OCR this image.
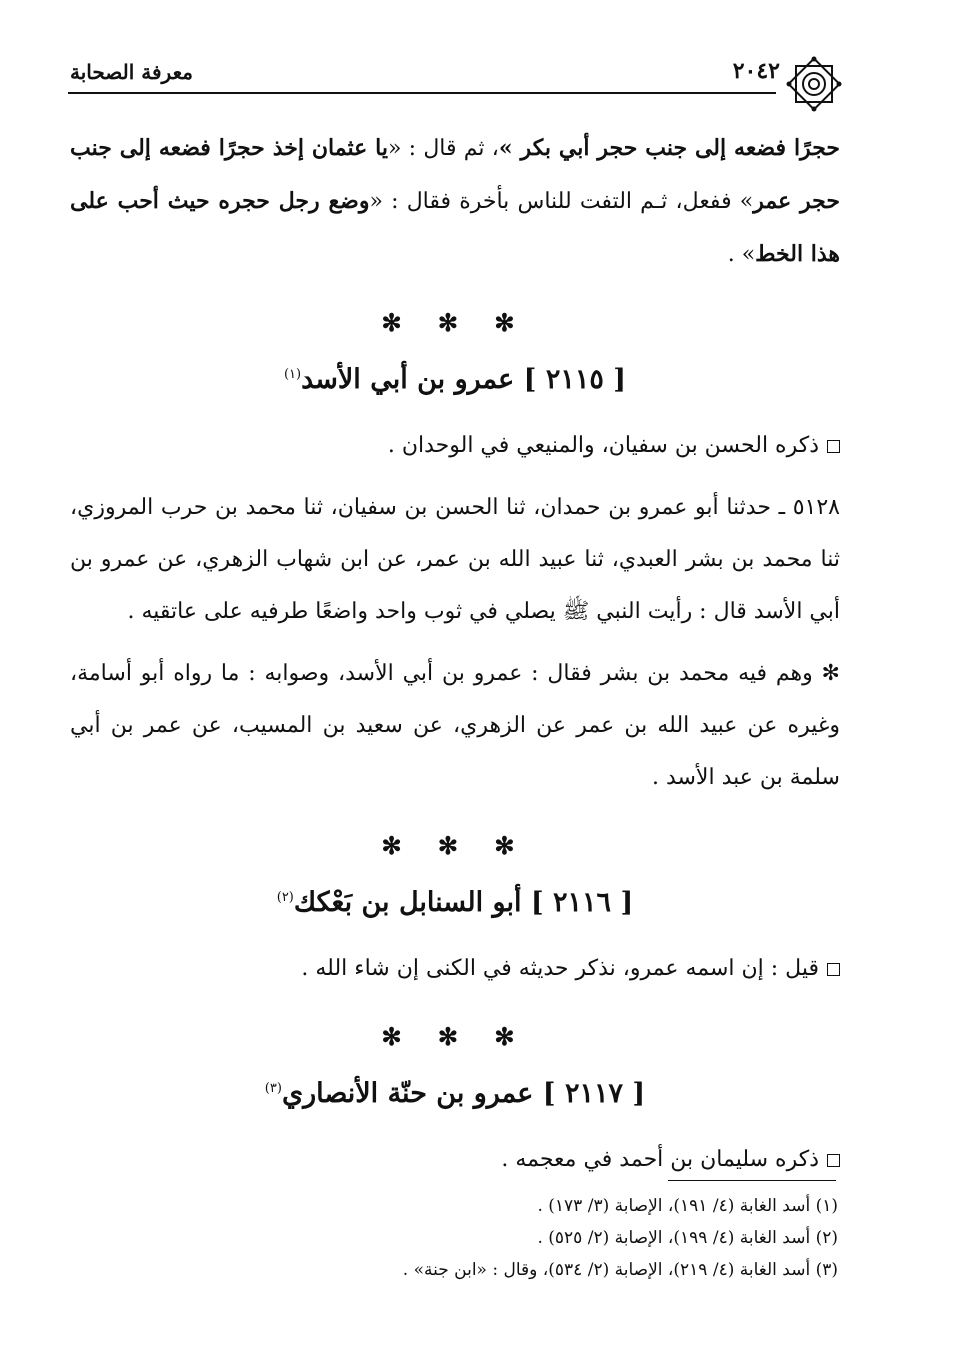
٢٠٤٢
معرفة الصحابة

حجرًا فضعه إلى جنب حجر أبي بكر »، ثم قال : «يا عثمان إخذ حجرًا فضعه إلى جنب حجر عمر» ففعل، ثـم التفت للناس بأخرة فقال : «وضع رجل حجره حيث أحب على هذا الخط» .

✻ ✻ ✻
[ ٢١١٥ ] عمرو بن أبي الأسد$^{(١)}$

ذكره الحسن بن سفيان، والمنيعي في الوحدان .

٥١٢٨ ـ حدثنا أبو عمرو بن حمدان، ثنا الحسن بن سفيان، ثنا محمد بن حرب المروزي، ثنا محمد بن بشر العبدي، ثنا عبيد الله بن عمر، عن ابن شهاب الزهري، عن عمرو بن أبي الأسد قال : رأيت النبي ﷺ يصلي في ثوب واحد واضعًا طرفيه على عاتقيه .

✻ وهم فيه محمد بن بشر فقال : عمرو بن أبي الأسد، وصوابه : ما رواه أبو أسامة، وغيره عن عبيد الله بن عمر عن الزهري، عن سعيد بن المسيب، عن عمر بن أبي سلمة بن عبد الأسد .

✻ ✻ ✻
[ ٢١١٦ ] أبو السنابل بن بَعْكك$^{(٢)}$

قيل : إن اسمه عمرو، نذكر حديثه في الكنى إن شاء الله .

✻ ✻ ✻
[ ٢١١٧ ] عمرو بن حنّة الأنصاري$^{(٣)}$

ذكره سليمان بن أحمد في معجمه .

(١) أسد الغابة (٤/ ١٩١)، الإصابة (٣/ ١٧٣) .

(٢) أسد الغابة (٤/ ١٩٩)، الإصابة (٢/ ٥٢٥) .

(٣) أسد الغابة (٤/ ٢١٩)، الإصابة (٢/ ٥٣٤)، وقال : «ابن جنة» .
